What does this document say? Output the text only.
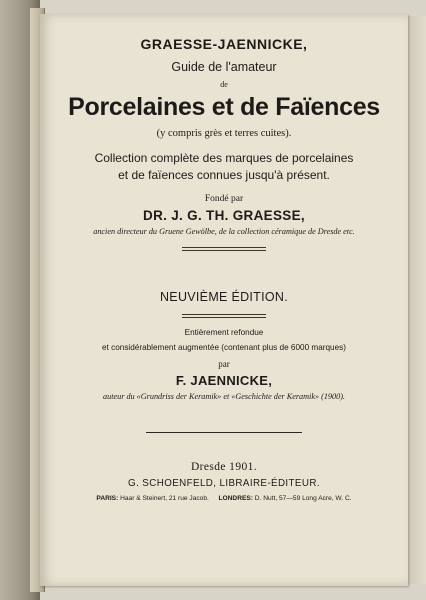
GRAESSE-JAENNICKE,
Guide de l'amateur
de
Porcelaines et de Faïences
(y compris grès et terres cuites).
Collection complète des marques de porcelaines
et de faïences connues jusqu'à présent.
Fondé par
DR. J. G. TH. GRAESSE,
ancien directeur du Gruene Gewölbe, de la collection céramique de Dresde etc.
NEUVIÈME ÉDITION.
Entièrement refondue
et considérablement augmentée (contenant plus de 6000 marques)
par
F. JAENNICKE,
auteur du «Grundriss der Keramik» et «Geschichte der Keramik» (1900).
Dresde 1901.
G. SCHOENFELD, LIBRAIRE-ÉDITEUR.
PARIS: Haar & Steinert, 21 rue Jacob. LONDRES: D. Nutt, 57—59 Long Acre, W. C.
